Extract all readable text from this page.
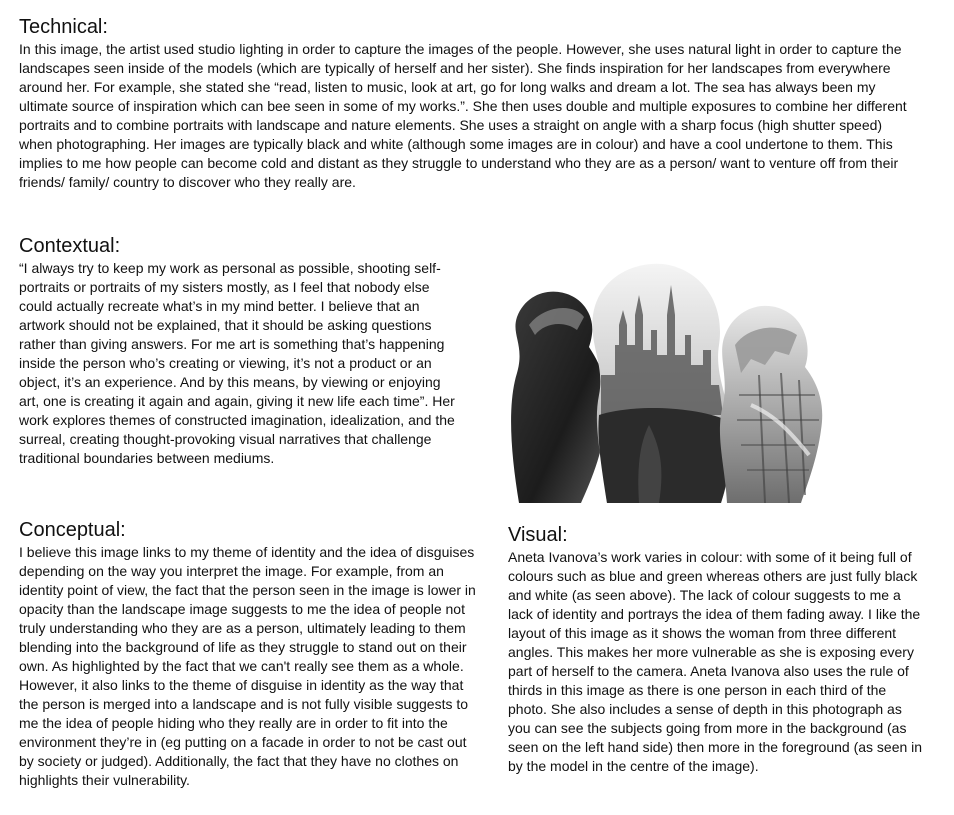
Technical:

In this image, the artist used studio lighting in order to capture the images of the people. However, she uses natural light in order to capture the landscapes seen inside of the models (which are typically of herself and her sister). She finds inspiration for her landscapes from everywhere around her. For example, she stated she “read, listen to music, look at art, go for long walks and dream a lot. The sea has always been my ultimate source of inspiration which can bee seen in some of my works.”. She then uses double and multiple exposures to combine her different portraits and to combine portraits with landscape and nature elements. She uses a straight on angle with a sharp focus (high shutter speed) when photographing. Her images are typically black and white (although some images are in colour) and have a cool undertone to them. This implies to me how people can become cold and distant as they struggle to understand who they are as a person/ want to venture off from their friends/ family/ country to discover who they really are.

Contextual:

“I always try to keep my work as personal as possible, shooting self-portraits or portraits of my sisters mostly, as I feel that nobody else could actually recreate what’s in my mind better. I believe that an artwork should not be explained, that it should be asking questions rather than giving answers. For me art is something that’s happening inside the person who’s creating or viewing, it’s not a product or an object, it’s an experience. And by this means, by viewing or enjoying art, one is creating it again and again, giving it new life each time”. Her work explores themes of constructed imagination, idealization, and the surreal, creating thought-provoking visual narratives that challenge traditional boundaries between mediums.

Conceptual:

I believe this image links to my theme of identity and the idea of disguises depending on the way you interpret the image. For example, from an identity point of view, the fact that the person seen in the image is lower in opacity than the landscape image suggests to me the idea of people not truly understanding who they are as a person, ultimately leading to them blending into the background of life as they struggle to stand out on their own. As highlighted by the fact that we can't really see them as a whole. However, it also links to the theme of disguise in identity as the way that the person is merged into a landscape and is not fully visible suggests to me the idea of people hiding who they really are in order to fit into the environment they’re in (eg putting on a facade in order to not be cast out by society or judged). Additionally, the fact that they have no clothes on highlights their vulnerability.

Visual:

Aneta Ivanova’s work varies in colour: with some of it being full of colours such as blue and green whereas others are just fully black and white (as seen above). The lack of colour suggests to me a lack of identity and portrays the idea of them fading away. I like the layout of this image as it shows the woman from three different angles. This makes her more vulnerable as she is exposing every part of herself to the camera. Aneta Ivanova also uses the rule of thirds in this image as there is one person in each third of the photo. She also includes a sense of depth in this photograph as you can see the subjects going from more in the background (as seen on the left hand side) then more in the foreground (as seen in by the model in the centre of the image).
